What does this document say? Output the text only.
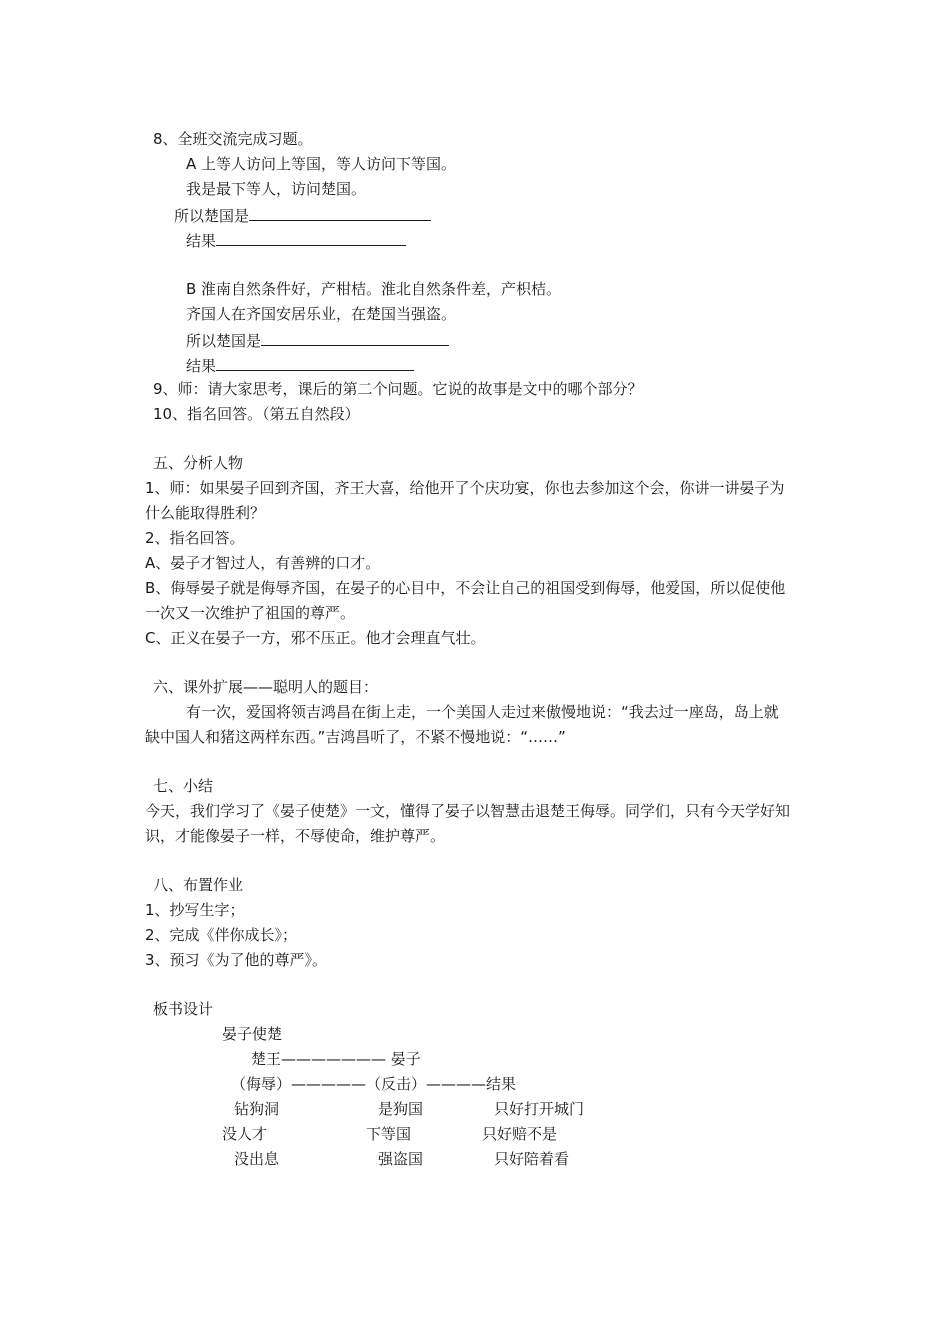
8、全班交流完成习题。
A 上等人访问上等国，等人访问下等国。
我是最下等人，访问楚国。
所以楚国是
结果
B 淮南自然条件好，产柑桔。淮北自然条件差，产枳桔。
齐国人在齐国安居乐业，在楚国当强盗。
所以楚国是
结果
9、师：请大家思考，课后的第二个问题。它说的故事是文中的哪个部分？
10、指名回答。（第五自然段）
五、分析人物
1、师：如果晏子回到齐国，齐王大喜，给他开了个庆功宴，你也去参加这个会，你讲一讲晏子为
什么能取得胜利？
2、指名回答。
A、晏子才智过人，有善辨的口才。
B、侮辱晏子就是侮辱齐国，在晏子的心目中，不会让自己的祖国受到侮辱，他爱国，所以促使他
一次又一次维护了祖国的尊严。
C、正义在晏子一方，邪不压正。他才会理直气壮。
六、课外扩展——聪明人的题目：
有一次，爱国将领吉鸿昌在街上走，一个美国人走过来傲慢地说：“我去过一座岛，岛上就
缺中国人和猪这两样东西。”吉鸿昌听了，不紧不慢地说：“……”
七、小结
今天，我们学习了《晏子使楚》一文，懂得了晏子以智慧击退楚王侮辱。同学们，只有今天学好知
识，才能像晏子一样，不辱使命，维护尊严。
八、布置作业
1、抄写生字；
2、完成《伴你成长》；
3、预习《为了他的尊严》。
板书设计
晏子使楚
楚王——————— 晏子
（侮辱）—————（反击）————结果
钻狗洞	是狗国	只好打开城门
没人才	下等国	只好赔不是
没出息	强盗国	只好陪着看
